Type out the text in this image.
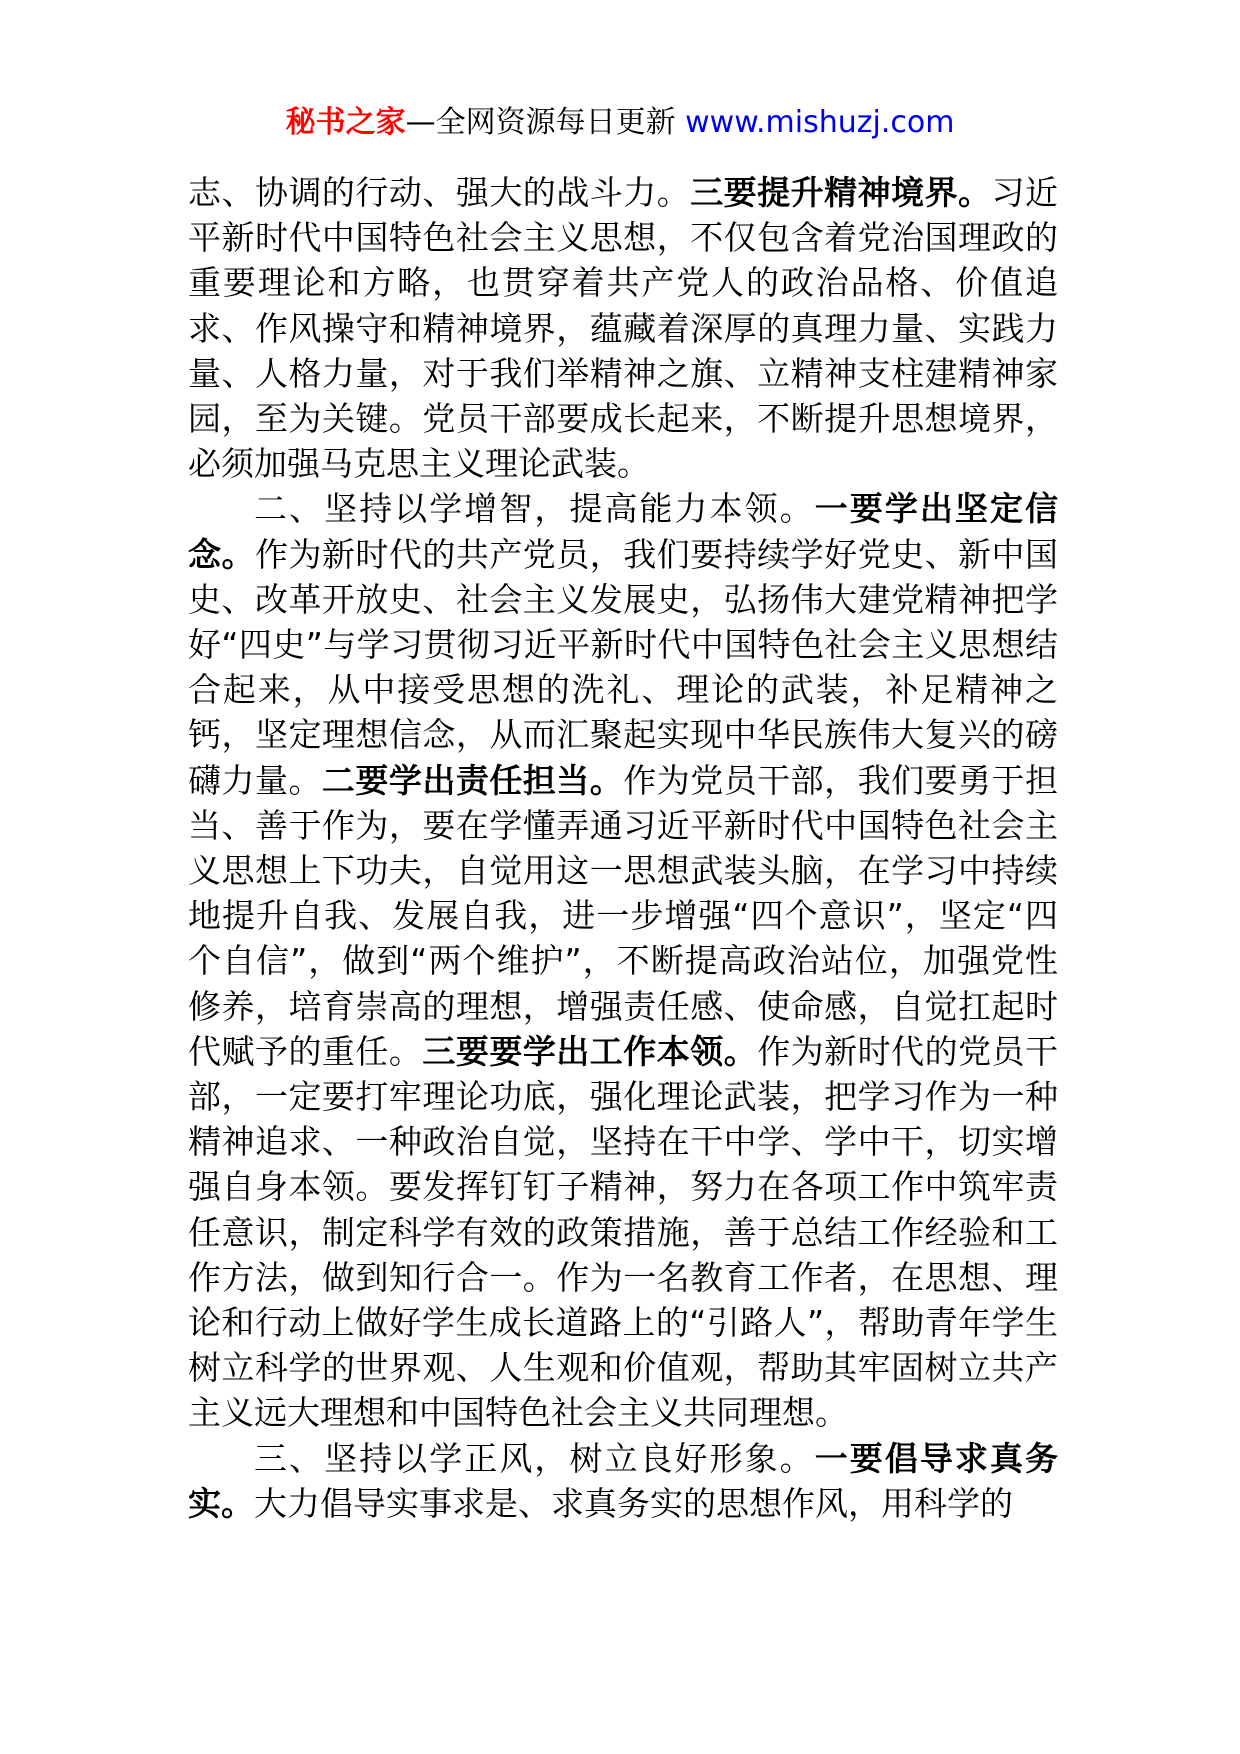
秘书之家—全网资源每日更新 www.mishuzj.com

志、协调的行动、强大的战斗力。三要提升精神境界。习近平新时代中国特色社会主义思想，不仅包含着党治国理政的重要理论和方略，也贯穿着共产党人的政治品格、价值追求、作风操守和精神境界，蕴藏着深厚的真理力量、实践力量、人格力量，对于我们举精神之旗、立精神支柱建精神家园，至为关键。党员干部要成长起来，不断提升思想境界，必须加强马克思主义理论武装。

二、坚持以学增智，提高能力本领。一要学出坚定信念。作为新时代的共产党员，我们要持续学好党史、新中国史、改革开放史、社会主义发展史，弘扬伟大建党精神把学好“四史”与学习贯彻习近平新时代中国特色社会主义思想结合起来，从中接受思想的洗礼、理论的武装，补足精神之钙，坚定理想信念，从而汇聚起实现中华民族伟大复兴的磅礴力量。二要学出责任担当。作为党员干部，我们要勇于担当、善于作为，要在学懂弄通习近平新时代中国特色社会主义思想上下功夫，自觉用这一思想武装头脑，在学习中持续地提升自我、发展自我，进一步增强“四个意识”，坚定“四个自信”，做到“两个维护”，不断提高政治站位，加强党性修养，培育崇高的理想，增强责任感、使命感，自觉扛起时代赋予的重任。三要要学出工作本领。作为新时代的党员干部，一定要打牢理论功底，强化理论武装，把学习作为一种精神追求、一种政治自觉，坚持在干中学、学中干，切实增强自身本领。要发挥钉钉子精神，努力在各项工作中筑牢责任意识，制定科学有效的政策措施，善于总结工作经验和工作方法，做到知行合一。作为一名教育工作者，在思想、理论和行动上做好学生成长道路上的“引路人”，帮助青年学生树立科学的世界观、人生观和价值观，帮助其牢固树立共产主义远大理想和中国特色社会主义共同理想。

三、坚持以学正风，树立良好形象。一要倡导求真务实。大力倡导实事求是、求真务实的思想作风，用科学的
